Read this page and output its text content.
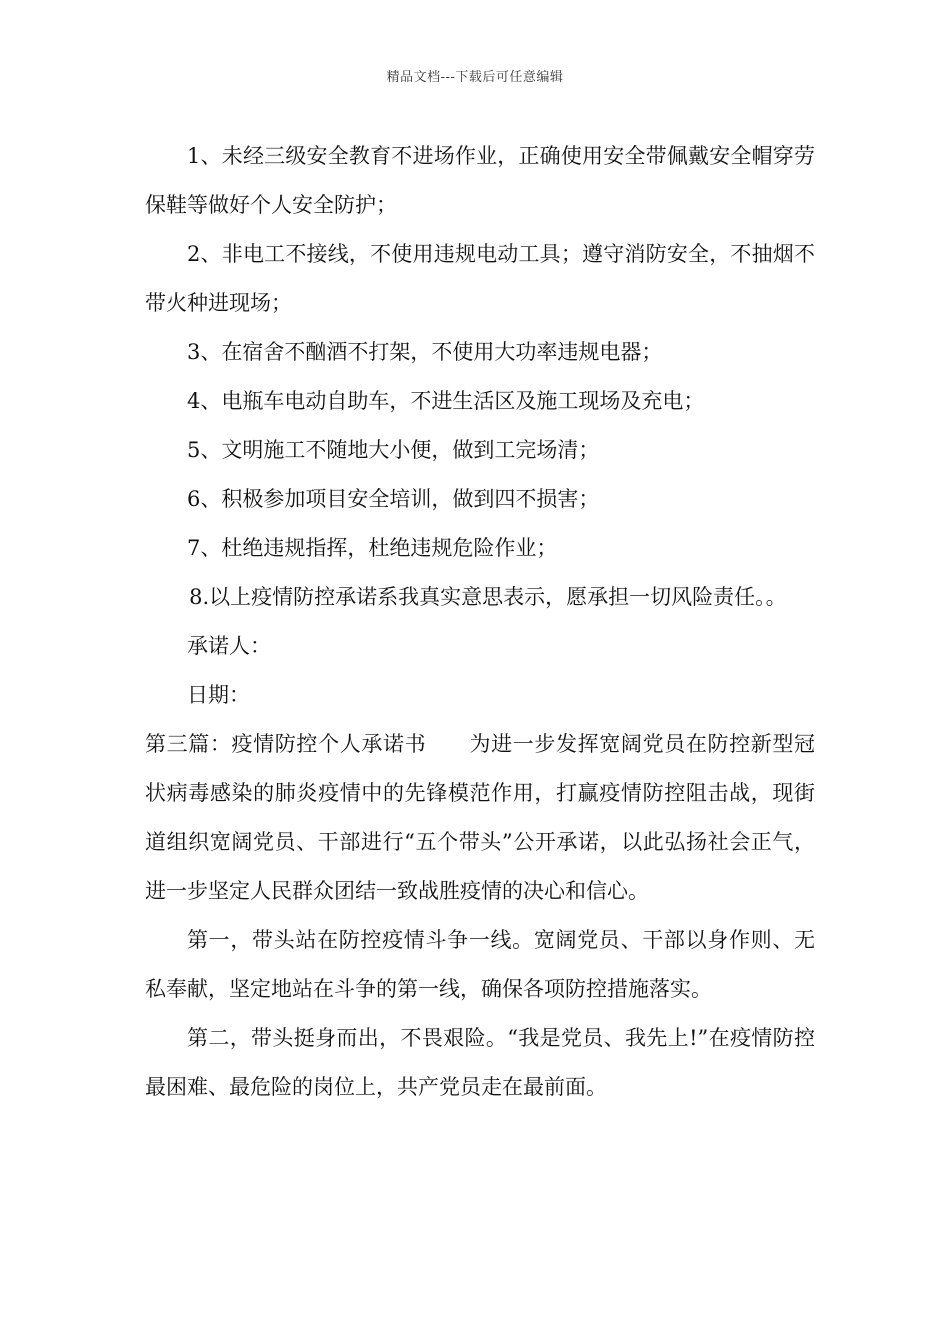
精品文档---下载后可任意编辑

1、未经三级安全教育不进场作业，正确使用安全带佩戴安全帽穿劳保鞋等做好个人安全防护；

2、非电工不接线，不使用违规电动工具；遵守消防安全，不抽烟不带火种进现场；

3、在宿舍不酗酒不打架，不使用大功率违规电器；

4、电瓶车电动自助车，不进生活区及施工现场及充电；

5、文明施工不随地大小便，做到工完场清；

6、积极参加项目安全培训，做到四不损害；

7、杜绝违规指挥，杜绝违规危险作业；

8.以上疫情防控承诺系我真实意思表示，愿承担一切风险责任。。

承诺人：

日期：

第三篇：疫情防控个人承诺书　　为进一步发挥宽阔党员在防控新型冠状病毒感染的肺炎疫情中的先锋模范作用，打赢疫情防控阻击战，现街道组织宽阔党员、干部进行“五个带头”公开承诺，以此弘扬社会正气，进一步坚定人民群众团结一致战胜疫情的决心和信心。

第一，带头站在防控疫情斗争一线。宽阔党员、干部以身作则、无私奉献，坚定地站在斗争的第一线，确保各项防控措施落实。

第二，带头挺身而出，不畏艰险。“我是党员、我先上!”在疫情防控最困难、最危险的岗位上，共产党员走在最前面。
